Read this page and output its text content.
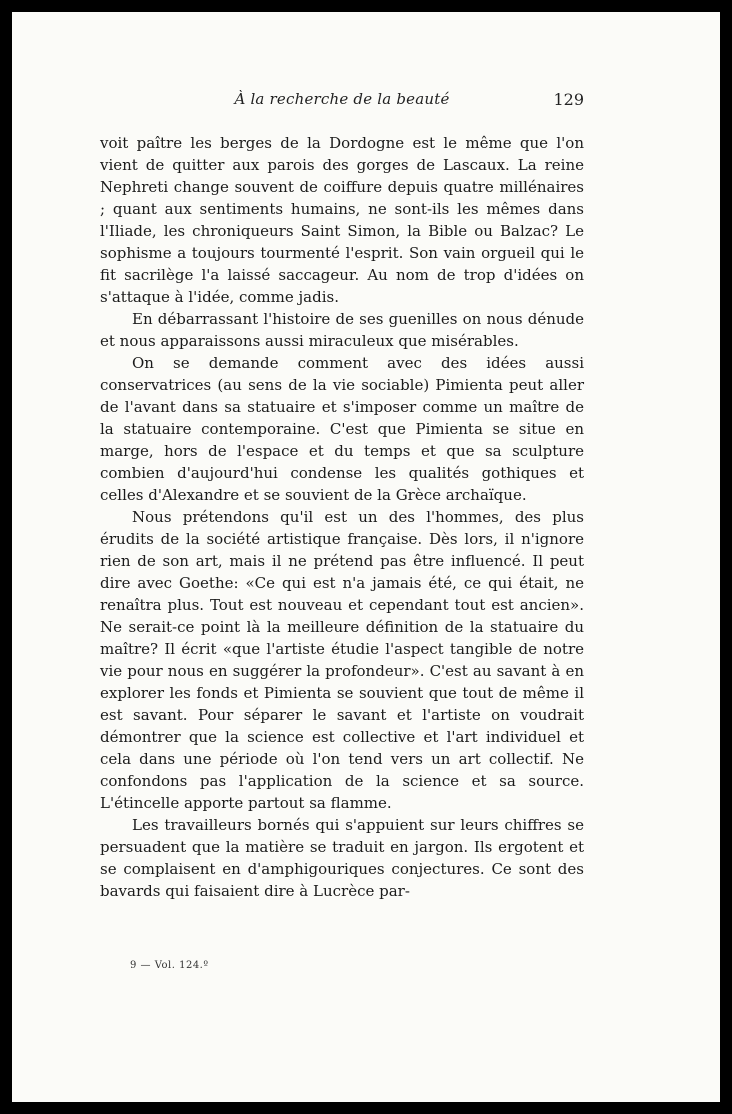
À la recherche de la beauté	129

voit paître les berges de la Dordogne est le même que l'on vient de quitter aux parois des gorges de Lascaux. La reine Nephreti change souvent de coiffure depuis quatre millénaires ; quant aux sentiments humains, ne sont-ils les mêmes dans l'Iliade, les chroniqueurs Saint Simon, la Bible ou Balzac? Le sophisme a toujours tourmenté l'esprit. Son vain orgueil qui le fit sacrilège l'a laissé saccageur. Au nom de trop d'idées on s'attaque à l'idée, comme jadis.

En débarrassant l'histoire de ses guenilles on nous dénude et nous apparaissons aussi miraculeux que misérables.

On se demande comment avec des idées aussi conservatrices (au sens de la vie sociable) Pimienta peut aller de l'avant dans sa statuaire et s'imposer comme un maître de la statuaire contemporaine. C'est que Pimienta se situe en marge, hors de l'espace et du temps et que sa sculpture combien d'aujourd'hui condense les qualités gothiques et celles d'Alexandre et se souvient de la Grèce archaïque.

Nous prétendons qu'il est un des l'hommes, des plus érudits de la société artistique française. Dès lors, il n'ignore rien de son art, mais il ne prétend pas être influencé. Il peut dire avec Goethe: «Ce qui est n'a jamais été, ce qui était, ne renaîtra plus. Tout est nouveau et cependant tout est ancien». Ne serait-ce point là la meilleure définition de la statuaire du maître? Il écrit «que l'artiste étudie l'aspect tangible de notre vie pour nous en suggérer la profondeur». C'est au savant à en explorer les fonds et Pimienta se souvient que tout de même il est savant. Pour séparer le savant et l'artiste on voudrait démontrer que la science est collective et l'art individuel et cela dans une période où l'on tend vers un art collectif. Ne confondons pas l'application de la science et sa source. L'étincelle apporte partout sa flamme.

Les travailleurs bornés qui s'appuient sur leurs chiffres se persuadent que la matière se traduit en jargon. Ils ergotent et se complaisent en d'amphigouriques conjectures. Ce sont des bavards qui faisaient dire à Lucrèce par-

9 — Vol. 124.º
